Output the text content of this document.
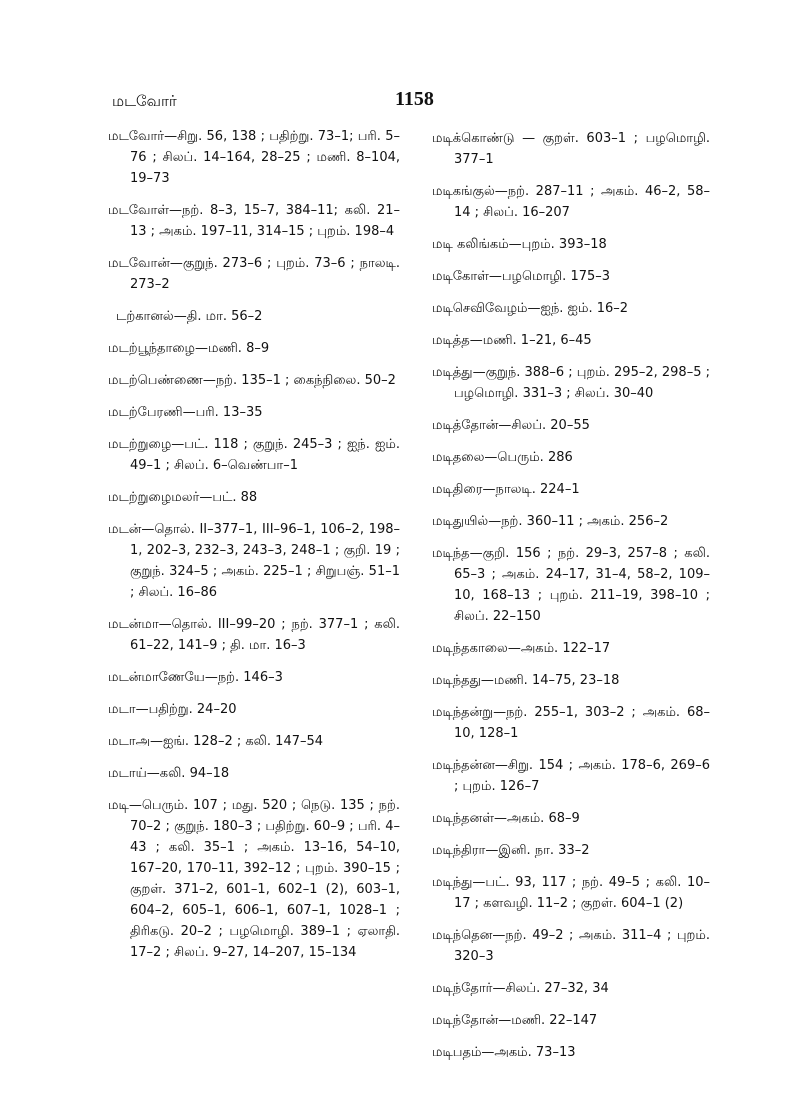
மடவோர்	1158
மடவோர்—சிறு. 56, 138 ; பதிற்று. 73–1; பரி. 5–76 ; சிலப். 14–164, 28–25 ; மணி. 8–104, 19–73
மடவோள்—நற். 8–3, 15–7, 384–11; கலி. 21–13 ; அகம். 197–11, 314–15 ; புறம். 198–4
மடவோன்—குறுந். 273–6 ; புறம். 73–6 ; நாலடி. 273–2
டற்கானல்—தி. மா. 56–2
மடற்பூந்தாழை—மணி. 8–9
மடற்பெண்ணை—நற். 135–1 ; கைந்நிலை. 50–2
மடற்பேரணி—பரி. 13–35
மடற்றுழை—பட். 118 ; குறுந். 245–3 ; ஐந். ஐம். 49–1 ; சிலப். 6–வெண்பா–1
மடற்றுழைமலர்—பட். 88
மடன்—தொல். II–377–1, III–96–1, 106–2, 198–1, 202–3, 232–3, 243–3, 248–1 ; குறி. 19 ; குறுந். 324–5 ; அகம். 225–1 ; சிறுபஞ். 51–1 ; சிலப். 16–86
மடன்மா—தொல். III–99–20 ; நற். 377–1 ; கலி. 61–22, 141–9 ; தி. மா. 16–3
மடன்மாணேயே—நற். 146–3
மடா—பதிற்று. 24–20
மடாஅ—ஐங். 128–2 ; கலி. 147–54
மடாய்—கலி. 94–18
மடி—பெரும். 107 ; மது. 520 ; நெடு. 135 ; நற். 70–2 ; குறுந். 180–3 ; பதிற்று. 60–9 ; பரி. 4–43 ; கலி. 35–1 ; அகம். 13–16, 54–10, 167–20, 170–11, 392–12 ; புறம். 390–15 ; குறள். 371–2, 601–1, 602–1 (2), 603–1, 604–2, 605–1, 606–1, 607–1, 1028–1 ; திரிகடு. 20–2 ; பழமொழி. 389–1 ; ஏலாதி. 17–2 ; சிலப். 9–27, 14–207, 15–134
மடிக்கொண்டு — குறள். 603–1 ; பழமொழி. 377–1
மடிகங்குல்—நற். 287–11 ; அகம். 46–2, 58–14 ; சிலப். 16–207
மடி கலிங்கம்—புறம். 393–18
மடிகோள்—பழமொழி. 175–3
மடிசெவிவேழம்—ஐந். ஐம். 16–2
மடித்த—மணி. 1–21, 6–45
மடித்து—குறுந். 388–6 ; புறம். 295–2, 298–5 ; பழமொழி. 331–3 ; சிலப். 30–40
மடித்தோன்—சிலப். 20–55
மடிதலை—பெரும். 286
மடிதிரை—நாலடி. 224–1
மடிதுயில்—நற். 360–11 ; அகம். 256–2
மடிந்த—குறி. 156 ; நற். 29–3, 257–8 ; கலி. 65–3 ; அகம். 24–17, 31–4, 58–2, 109–10, 168–13 ; புறம். 211–19, 398–10 ; சிலப். 22–150
மடிந்தகாலை—அகம். 122–17
மடிந்தது—மணி. 14–75, 23–18
மடிந்தன்று—நற். 255–1, 303–2 ; அகம். 68–10, 128–1
மடிந்தன்ன—சிறு. 154 ; அகம். 178–6, 269–6 ; புறம். 126–7
மடிந்தனள்—அகம். 68–9
மடிந்திரா—இனி. நா. 33–2
மடிந்து—பட். 93, 117 ; நற். 49–5 ; கலி. 10–17 ; களவழி. 11–2 ; குறள். 604–1 (2)
மடிந்தென—நற். 49–2 ; அகம். 311–4 ; புறம். 320–3
மடிந்தோர்—சிலப். 27–32, 34
மடிந்தோன்—மணி. 22–147
மடிபதம்—அகம். 73–13
